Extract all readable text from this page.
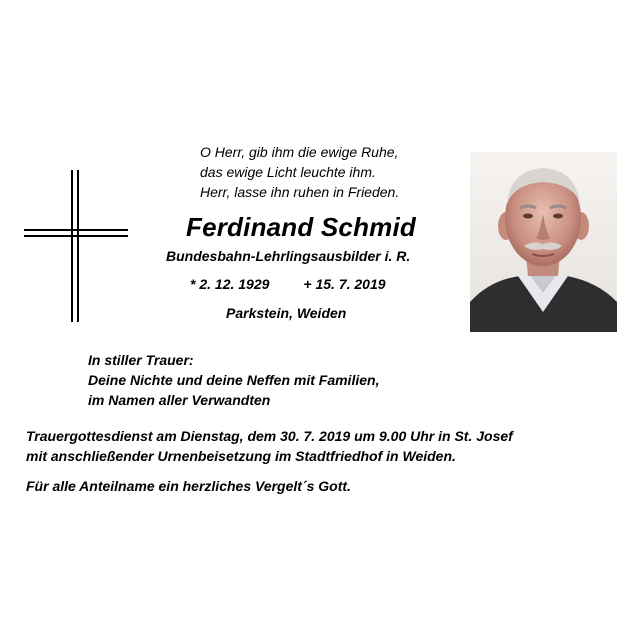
O Herr, gib ihm die ewige Ruhe,
das ewige Licht leuchte ihm.
Herr, lasse ihn ruhen in Frieden.
Ferdinand Schmid
Bundesbahn-Lehrlingsausbilder i. R.
* 2. 12. 1929 + 15. 7. 2019
Parkstein, Weiden
In stiller Trauer:
Deine Nichte und deine Neffen mit Familien,
im Namen aller Verwandten
Trauergottesdienst am Dienstag, dem 30. 7. 2019 um 9.00 Uhr in St. Josef
mit anschließender Urnenbeisetzung im Stadtfriedhof in Weiden.
Für alle Anteilname ein herzliches Vergelt´s Gott.
